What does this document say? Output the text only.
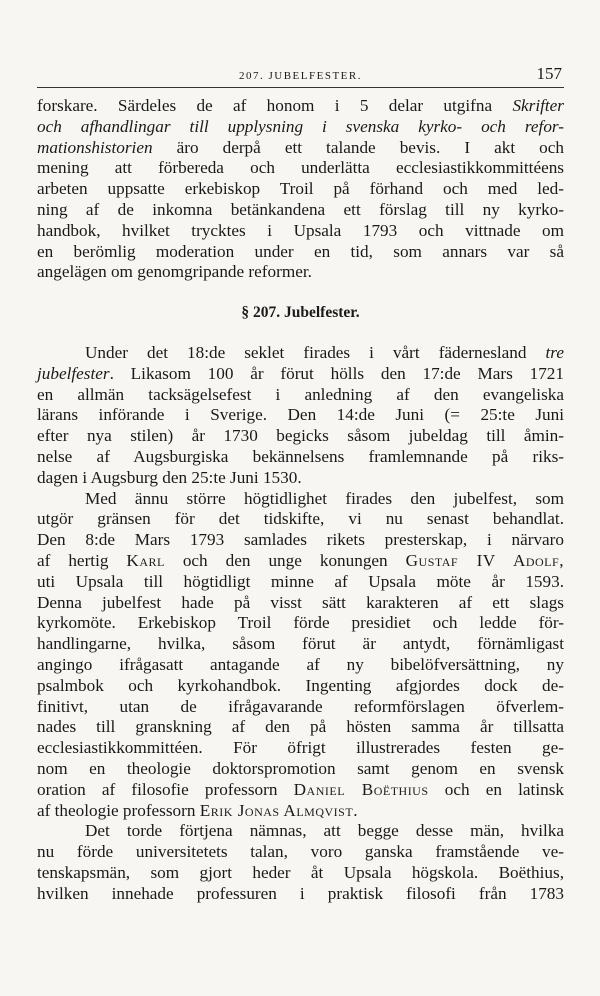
207. JUBELFESTER.	157
forskare. Särdeles de af honom i 5 delar utgifna Skrifter
och afhandlingar till upplysning i svenska kyrko- och refor-
mationshistorien äro derpå ett talande bevis. I akt och
mening att förbereda och underlätta ecclesiastikkommittéens
arbeten uppsatte erkebiskop Troil på förhand och med led-
ning af de inkomna betänkandena ett förslag till ny kyrko-
handbok, hvilket trycktes i Upsala 1793 och vittnade om
en berömlig moderation under en tid, som annars var så
angelägen om genomgripande reformer.
§ 207. Jubelfester.
Under det 18:de seklet firades i vårt fädernesland tre
jubelfester. Likasom 100 år förut hölls den 17:de Mars 1721
en allmän tacksägelsefest i anledning af den evangeliska
lärans införande i Sverige. Den 14:de Juni (= 25:te Juni
efter nya stilen) år 1730 begicks såsom jubeldag till åmin-
nelse af Augsburgiska bekännelsens framlemnande på riks-
dagen i Augsburg den 25:te Juni 1530.
Med ännu större högtidlighet firades den jubelfest, som
utgör gränsen för det tidskifte, vi nu senast behandlat.
Den 8:de Mars 1793 samlades rikets presterskap, i närvaro
af hertig Karl och den unge konungen Gustaf IV Adolf,
uti Upsala till högtidligt minne af Upsala möte år 1593.
Denna jubelfest hade på visst sätt karakteren af ett slags
kyrkomöte. Erkebiskop Troil förde presidiet och ledde för-
handlingarne, hvilka, såsom förut är antydt, förnämligast
angingo ifrågasatt antagande af ny bibelöfversättning, ny
psalmbok och kyrkohandbok. Ingenting afgjordes dock de-
finitivt, utan de ifrågavarande reformförslagen öfverlem-
nades till granskning af den på hösten samma år tillsatta
ecclesiastikkommittéen. För öfrigt illustrerades festen ge-
nom en theologie doktorspromotion samt genom en svensk
oration af filosofie professorn Daniel Boëthius och en latinsk
af theologie professorn Erik Jonas Almqvist.
Det torde förtjena nämnas, att begge desse män, hvilka
nu förde universitetets talan, voro ganska framstående ve-
tenskapsmän, som gjort heder åt Upsala högskola. Boëthius,
hvilken innehade professuren i praktisk filosofi från 1783
